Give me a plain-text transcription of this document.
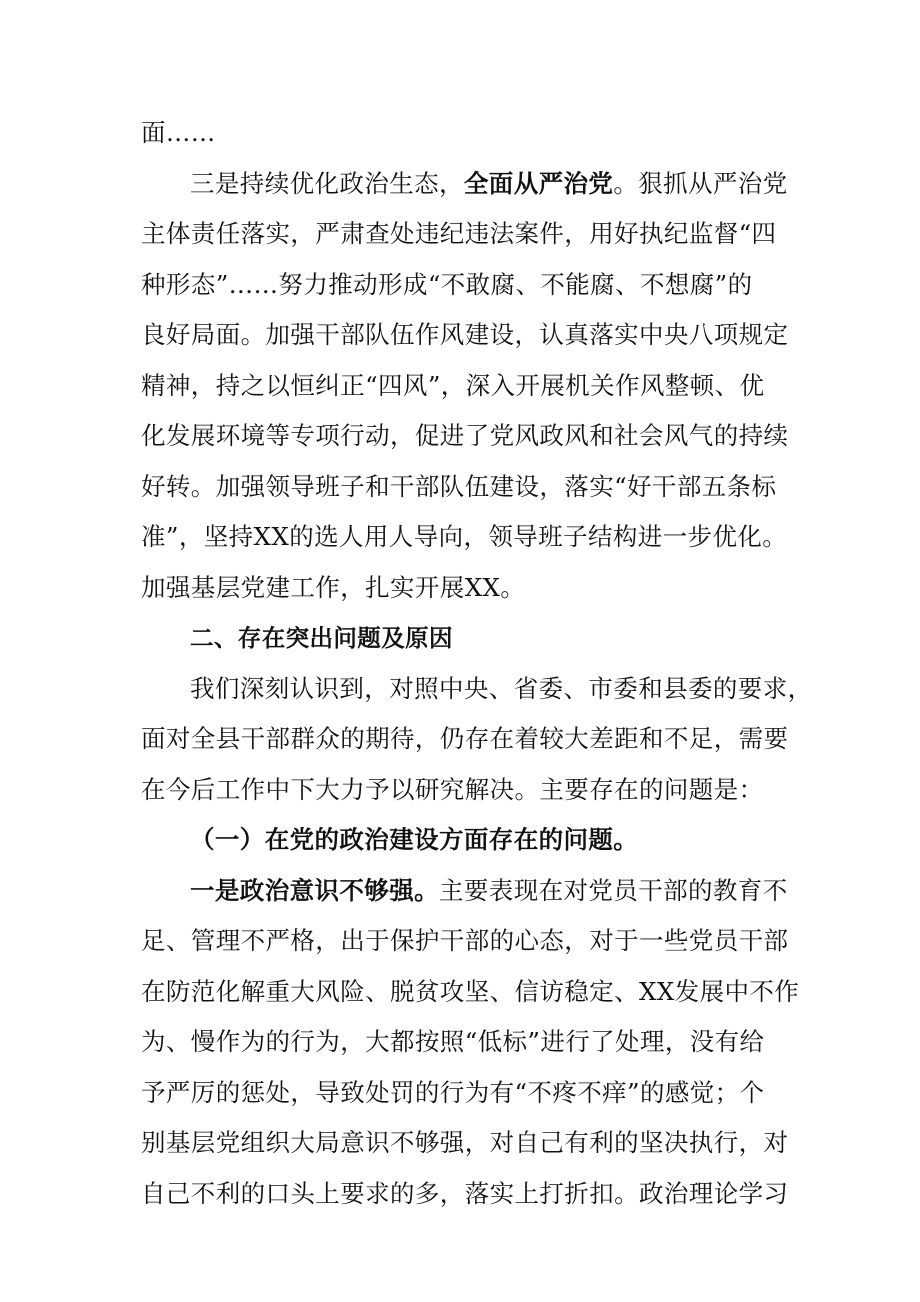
面……
三是持续优化政治生态，全面从严治党。狠抓从严治党
主体责任落实，严肃查处违纪违法案件，用好执纪监督“四
种形态”……努力推动形成“不敢腐、不能腐、不想腐”的
良好局面。加强干部队伍作风建设，认真落实中央八项规定
精神，持之以恒纠正“四风”，深入开展机关作风整顿、优
化发展环境等专项行动，促进了党风政风和社会风气的持续
好转。加强领导班子和干部队伍建设，落实“好干部五条标
准”，坚持XX的选人用人导向，领导班子结构进一步优化。
加强基层党建工作，扎实开展XX。
二、存在突出问题及原因
我们深刻认识到，对照中央、省委、市委和县委的要求，
面对全县干部群众的期待，仍存在着较大差距和不足，需要
在今后工作中下大力予以研究解决。主要存在的问题是：
（一）在党的政治建设方面存在的问题。
一是政治意识不够强。主要表现在对党员干部的教育不
足、管理不严格，出于保护干部的心态，对于一些党员干部
在防范化解重大风险、脱贫攻坚、信访稳定、XX发展中不作
为、慢作为的行为，大都按照“低标”进行了处理，没有给
予严厉的惩处，导致处罚的行为有“不疼不痒”的感觉；个
别基层党组织大局意识不够强，对自己有利的坚决执行，对
自己不利的口头上要求的多，落实上打折扣。政治理论学习
